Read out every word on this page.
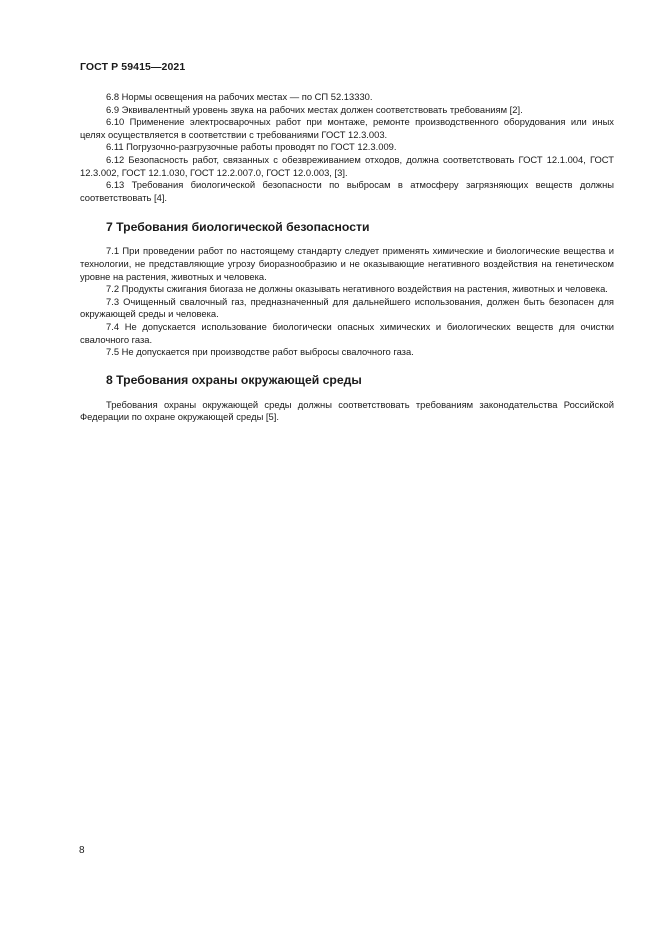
ГОСТ Р 59415—2021

6.8 Нормы освещения на рабочих местах — по СП 52.13330.

6.9 Эквивалентный уровень звука на рабочих местах должен соответствовать требованиям [2].

6.10 Применение электросварочных работ при монтаже, ремонте производственного оборудования или иных целях осуществляется в соответствии с требованиями ГОСТ 12.3.003.

6.11 Погрузочно-разгрузочные работы проводят по ГОСТ 12.3.009.

6.12 Безопасность работ, связанных с обезвреживанием отходов, должна соответствовать ГОСТ 12.1.004, ГОСТ 12.3.002, ГОСТ 12.1.030, ГОСТ 12.2.007.0, ГОСТ 12.0.003, [3].

6.13 Требования биологической безопасности по выбросам в атмосферу загрязняющих веществ должны соответствовать [4].

7 Требования биологической безопасности

7.1 При проведении работ по настоящему стандарту следует применять химические и биологические вещества и технологии, не представляющие угрозу биоразнообразию и не оказывающие негативного воздействия на генетическом уровне на растения, животных и человека.

7.2 Продукты сжигания биогаза не должны оказывать негативного воздействия на растения, животных и человека.

7.3 Очищенный свалочный газ, предназначенный для дальнейшего использования, должен быть безопасен для окружающей среды и человека.

7.4 Не допускается использование биологически опасных химических и биологических веществ для очистки свалочного газа.

7.5 Не допускается при производстве работ выбросы свалочного газа.

8 Требования охраны окружающей среды

Требования охраны окружающей среды должны соответствовать требованиям законодательства Российской Федерации по охране окружающей среды [5].

8
